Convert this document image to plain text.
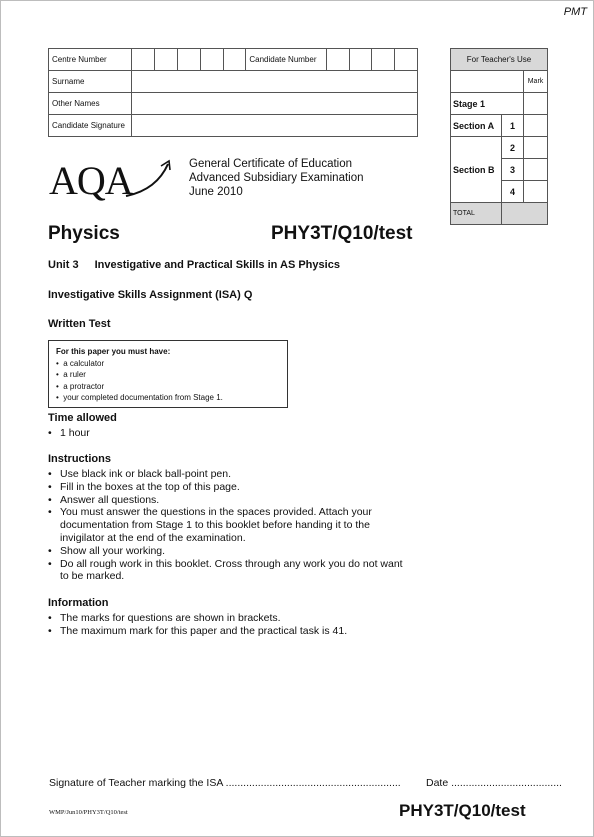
PMT
Centre Number						Candidate Number				
Surname										
Other Names										
Candidate Signature										
For Teacher's Use		
		Mark
Stage 1		
Section A	1	
Section B	2	
	3	
	4	
TOTAL		
AQA	General Certificate of Education
Advanced Subsidiary Examination
June 2010
Physics	PHY3T/Q10/test
Unit 3 Investigative and Practical Skills in AS Physics
Investigative Skills Assignment (ISA) Q
Written Test
For this paper you must have:
•  a calculator
•  a ruler
•  a protractor
•  your completed documentation from Stage 1.
Time allowed
• 1 hour
Instructions
• Use black ink or black ball-point pen.
• Fill in the boxes at the top of this page.
• Answer all questions.
• You must answer the questions in the spaces provided. Attach your documentation from Stage 1 to this booklet before handing it to the invigilator at the end of the examination.
• Show all your working.
• Do all rough work in this booklet. Cross through any work you do not want to be marked.
Information
• The marks for questions are shown in brackets.
• The maximum mark for this paper and the practical task is 41.
Signature of Teacher marking the ISA ............................................................ Date ......................................
WMP/Jun10/PHY3T/Q10/test	PHY3T/Q10/test
